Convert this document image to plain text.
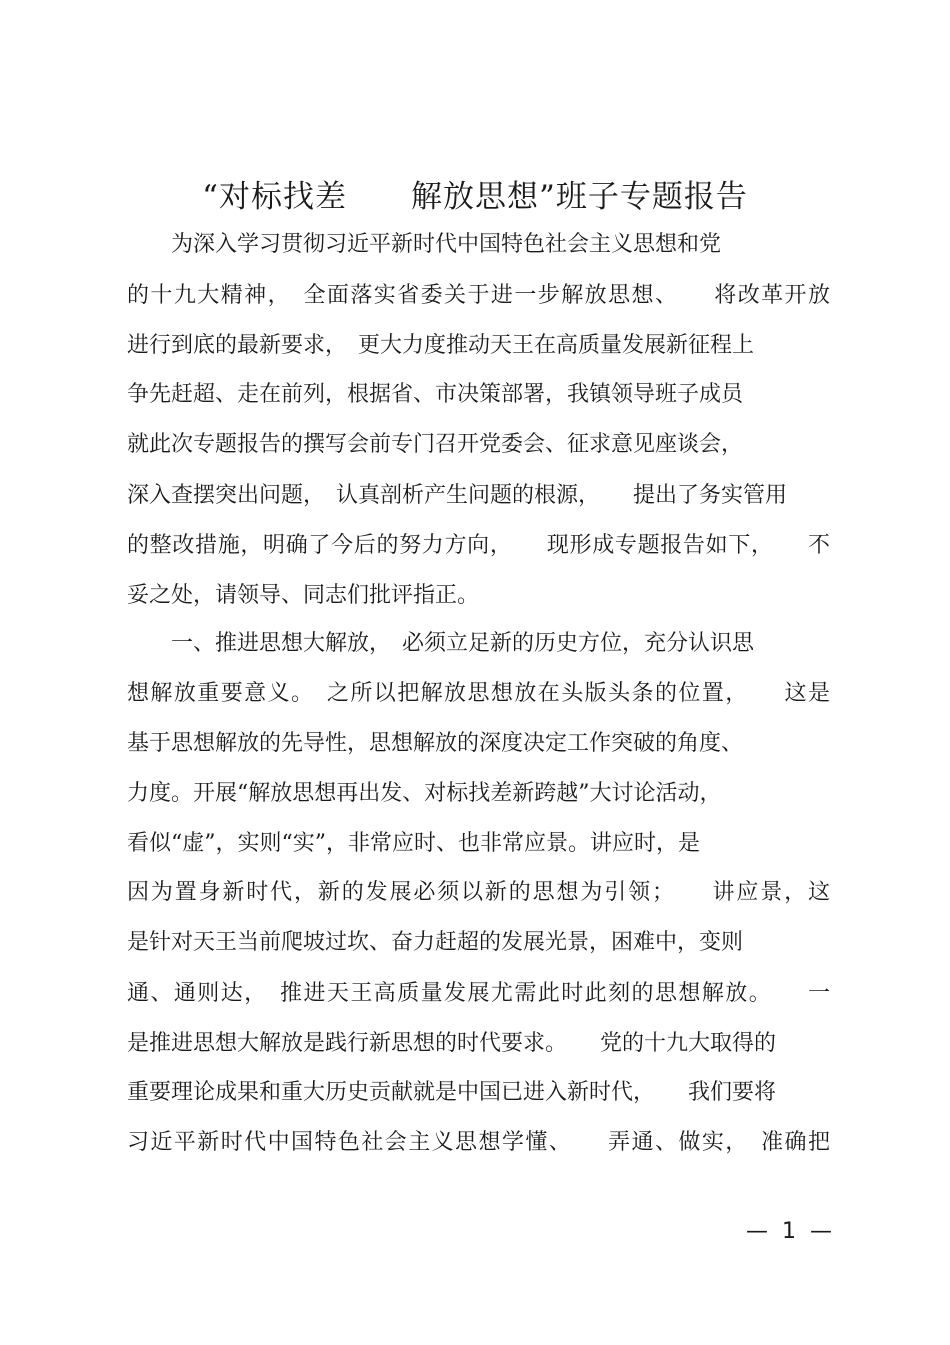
“对标找差　　解放思想”班子专题报告
　　为深入学习贯彻习近平新时代中国特色社会主义思想和党
的十九大精神，　全面落实省委关于进一步解放思想、　　将改革开放
进行到底的最新要求，　更大力度推动天王在高质量发展新征程上
争先赶超、走在前列，根据省、市决策部署，我镇领导班子成员
就此次专题报告的撰写会前专门召开党委会、征求意见座谈会，
深入查摆突出问题，　认真剖析产生问题的根源，　　提出了务实管用
的整改措施，明确了今后的努力方向，　　现形成专题报告如下，　　不
妥之处，请领导、同志们批评指正。
　　一、推进思想大解放，　必须立足新的历史方位，充分认识思
想解放重要意义。　之所以把解放思想放在头版头条的位置，　　这是
基于思想解放的先导性，思想解放的深度决定工作突破的角度、
力度。开展“解放思想再出发、对标找差新跨越”大讨论活动，
看似“虚”，实则“实”，非常应时、也非常应景。讲应时，是
因为置身新时代，新的发展必须以新的思想为引领；　　讲应景，这
是针对天王当前爬坡过坎、奋力赶超的发展光景，困难中，变则
通、通则达，　推进天王高质量发展尤需此时此刻的思想解放。　　一
是推进思想大解放是践行新思想的时代要求。　　党的十九大取得的
重要理论成果和重大历史贡献就是中国已进入新时代，　　我们要将
习近平新时代中国特色社会主义思想学懂、　　弄通、做实，　准确把
—  1  —
